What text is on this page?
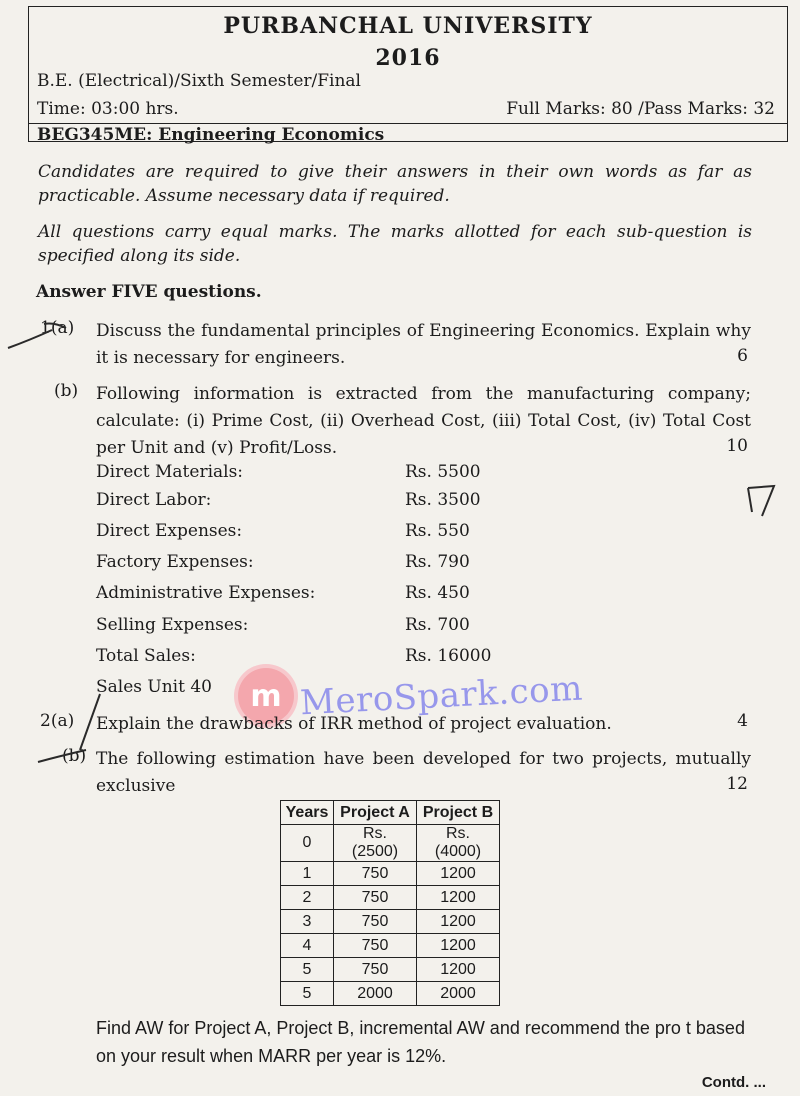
PURBANCHAL UNIVERSITY
2016
B.E. (Electrical)/Sixth Semester/Final
Time: 03:00 hrs.	Full Marks: 80 /Pass Marks: 32
BEG345ME: Engineering Economics
Candidates are required to give their answers in their own words as far as practicable. Assume necessary data if required.
All questions carry equal marks. The marks allotted for each sub-question is specified along its side.
Answer FIVE questions.
1(a) Discuss the fundamental principles of Engineering Economics. Explain why it is necessary for engineers.	6
(b) Following information is extracted from the manufacturing company; calculate: (i) Prime Cost, (ii) Overhead Cost, (iii) Total Cost, (iv) Total Cost per Unit and (v) Profit/Loss.	10
Direct Materials:	Rs. 5500
Direct Labor:	Rs. 3500
Direct Expenses:	Rs. 550
Factory Expenses:	Rs. 790
Administrative Expenses:	Rs. 450
Selling Expenses:	Rs. 700
Total Sales:	Rs. 16000
Sales Unit 40 m MeroSpark.com
2(a) Explain the drawbacks of IRR method of project evaluation.	4
(b) The following estimation have been developed for two projects, mutually exclusive	12
Years	Project A	Project B
0	Rs. (2500)	Rs. (4000)
1	750	1200
2	750	1200
3	750	1200
4	750	1200
5	750	1200
5	2000	2000
Find AW for Project A, Project B, incremental AW and recommend the pro t based on your result when MARR per year is 12%.
Contd. ...
